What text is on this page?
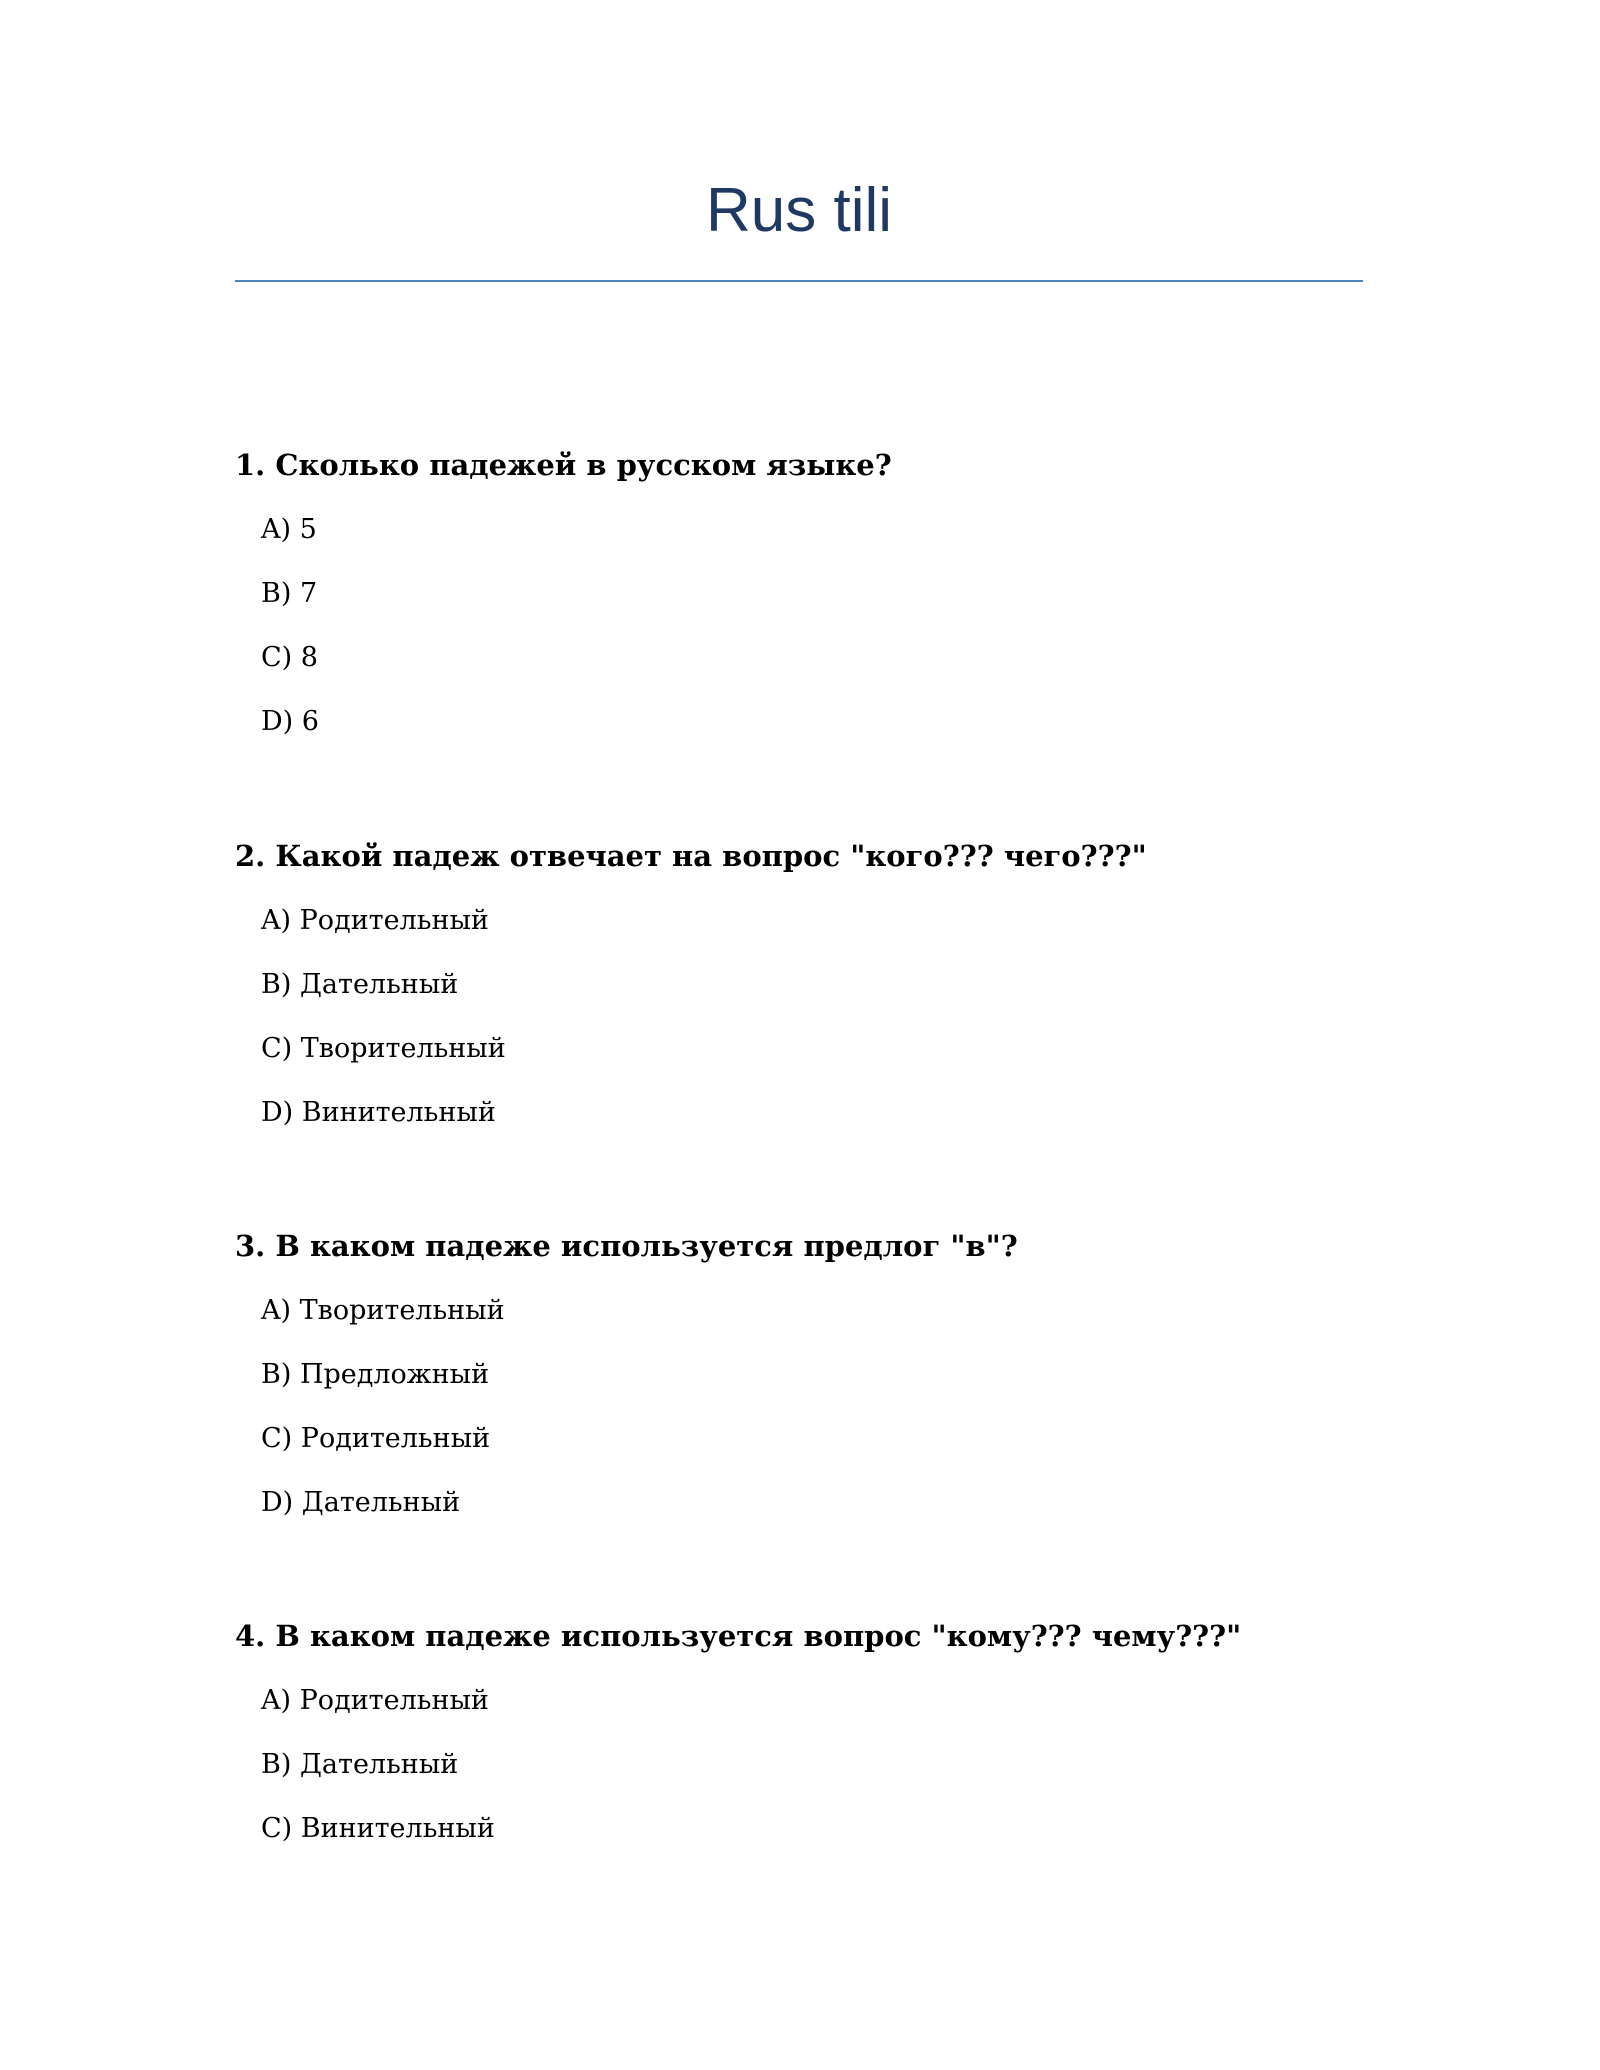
Rus tili

1. Сколько падежей в русском языке?

A) 5
B) 7
C) 8
D) 6

2. Какой падеж отвечает на вопрос "кого??? чего???"

A) Родительный
B) Дательный
C) Творительный
D) Винительный

3. В каком падеже используется предлог "в"?

A) Творительный
B) Предложный
C) Родительный
D) Дательный

4. В каком падеже используется вопрос "кому??? чему???"

A) Родительный
B) Дательный
C) Винительный
